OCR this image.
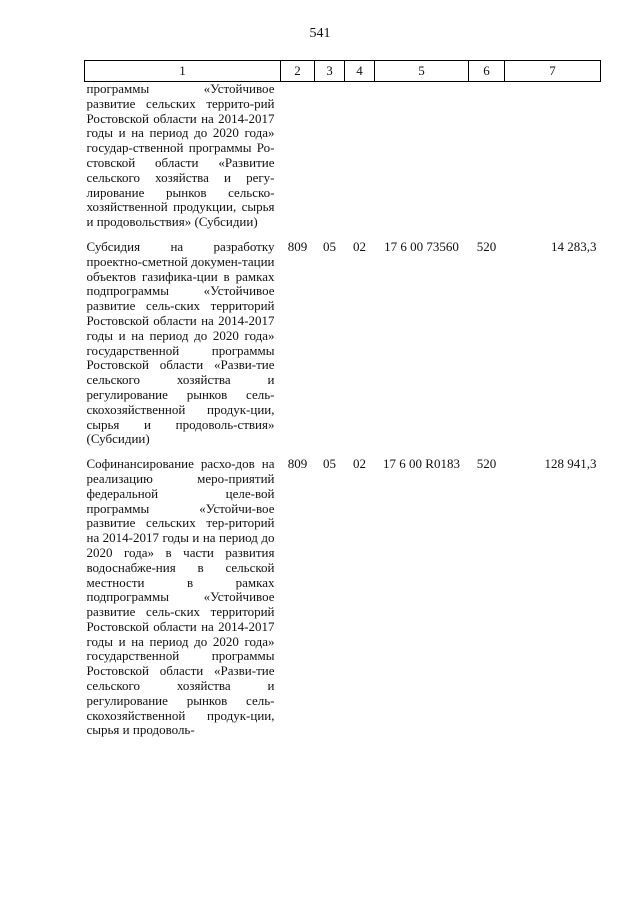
541
1	2	3	4	5	6	7
программы «Устойчивое развитие сельских террито-рий Ростовской области на 2014-2017 годы и на период до 2020 года» государ-ственной программы Ро-стовской области «Развитие сельского хозяйства и регу-лирование рынков сельско-хозяйственной продукции, сырья и продовольствия» (Субсидии)						

Субсидия на разработку проектно-сметной докумен-тации объектов газифика-ции в рамках подпрограммы «Устойчивое развитие сель-ских территорий Ростовской области на 2014-2017 годы и на период до 2020 года» государственной программы Ростовской области «Разви-тие сельского хозяйства и регулирование рынков сель-скохозяйственной продук-ции, сырья и продоволь-ствия» (Субсидии)	809	05	02	17 6 00 73560	520	14 283,3

Софинансирование расхо-дов на реализацию меро-приятий федеральной целе-вой программы «Устойчи-вое развитие сельских тер-риторий на 2014-2017 годы и на период до 2020 года» в части развития водоснабже-ния в сельской местности в рамках подпрограммы «Устойчивое развитие сель-ских территорий Ростовской области на 2014-2017 годы и на период до 2020 года» государственной программы Ростовской области «Разви-тие сельского хозяйства и регулирование рынков сель-скохозяйственной продук-ции, сырья и продоволь-	809	05	02	17 6 00 R0183	520	128 941,3
